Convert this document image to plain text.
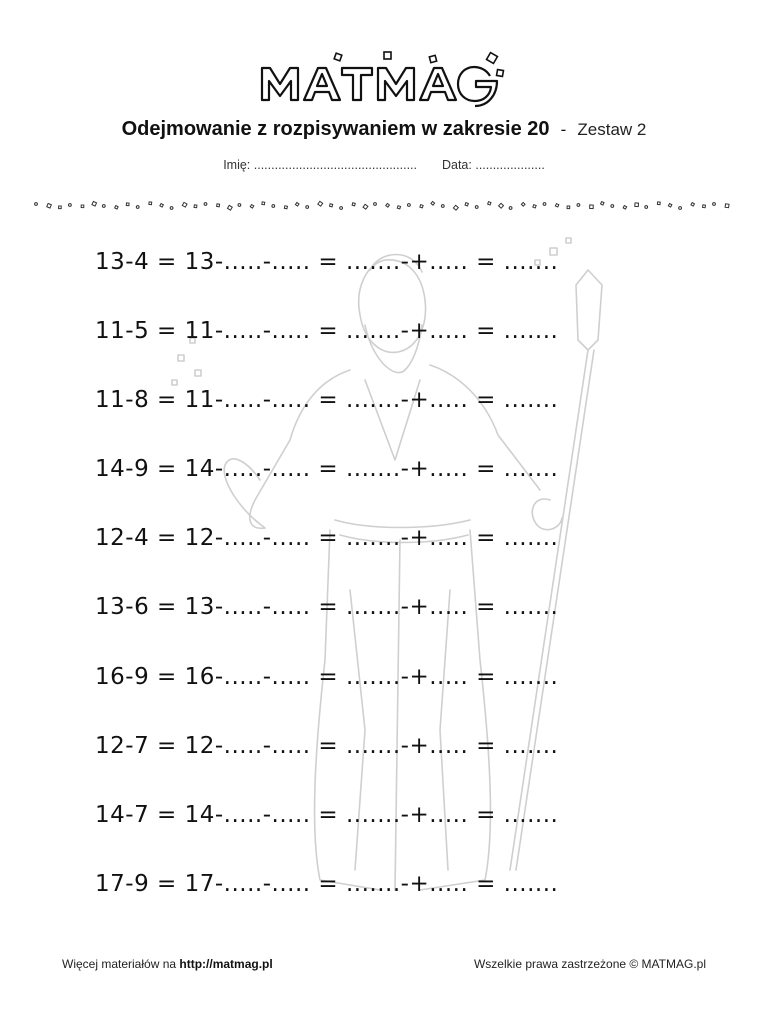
Odejmowanie z rozpisywaniem w zakresie 20 - Zestaw 2
Imię: ............................................... Data: ....................
13-4 = 13-.....-..... = .......-+..... = .......
11-5 = 11-.....-..... = .......-+..... = .......
11-8 = 11-.....-..... = .......-+..... = .......
14-9 = 14-.....-..... = .......-+..... = .......
12-4 = 12-.....-..... = .......-+..... = .......
13-6 = 13-.....-..... = .......-+..... = .......
16-9 = 16-.....-..... = .......-+..... = .......
12-7 = 12-.....-..... = .......-+..... = .......
14-7 = 14-.....-..... = .......-+..... = .......
17-9 = 17-.....-..... = .......-+..... = .......
Więcej materiałów na http://matmag.pl	Wszelkie prawa zastrzeżone © MATMAG.pl
